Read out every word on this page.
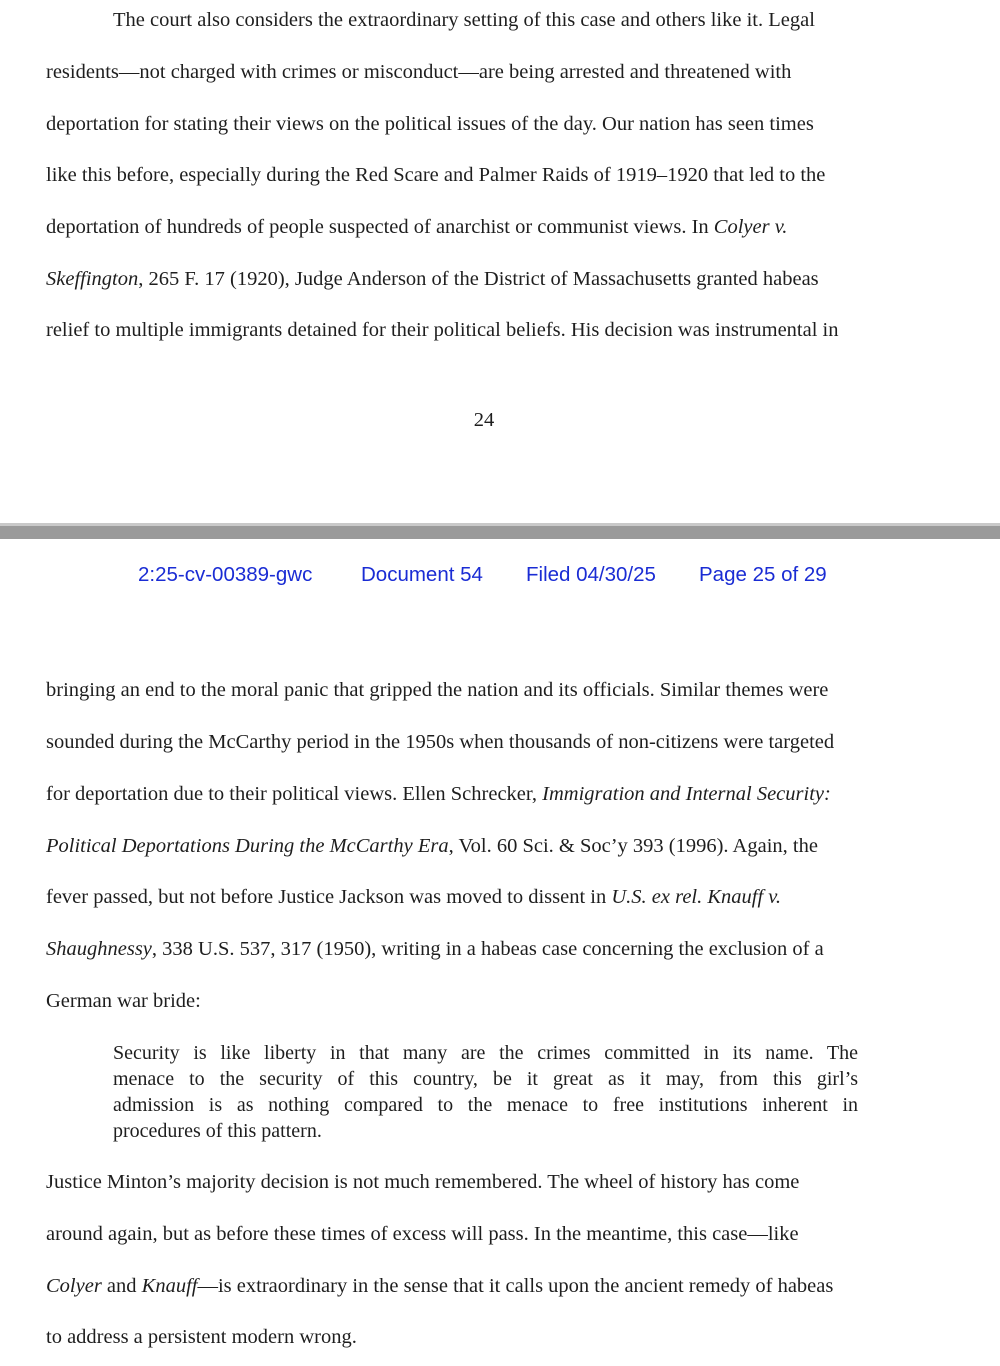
The court also considers the extraordinary setting of this case and others like it. Legal
residents—not charged with crimes or misconduct—are being arrested and threatened with
deportation for stating their views on the political issues of the day. Our nation has seen times
like this before, especially during the Red Scare and Palmer Raids of 1919–1920 that led to the
deportation of hundreds of people suspected of anarchist or communist views. In Colyer v.
Skeffington, 265 F. 17 (1920), Judge Anderson of the District of Massachusetts granted habeas
relief to multiple immigrants detained for their political beliefs. His decision was instrumental in
24
2:25-cv-00389-gwc Document 54 Filed 04/30/25 Page 25 of 29
bringing an end to the moral panic that gripped the nation and its officials. Similar themes were
sounded during the McCarthy period in the 1950s when thousands of non-citizens were targeted
for deportation due to their political views. Ellen Schrecker, Immigration and Internal Security:
Political Deportations During the McCarthy Era, Vol. 60 Sci. & Soc’y 393 (1996). Again, the
fever passed, but not before Justice Jackson was moved to dissent in U.S. ex rel. Knauff v.
Shaughnessy, 338 U.S. 537, 317 (1950), writing in a habeas case concerning the exclusion of a
German war bride:
Security is like liberty in that many are the crimes committed in its name. The
menace to the security of this country, be it great as it may, from this girl’s
admission is as nothing compared to the menace to free institutions inherent in
procedures of this pattern.
Justice Minton’s majority decision is not much remembered. The wheel of history has come
around again, but as before these times of excess will pass. In the meantime, this case—like
Colyer and Knauff—is extraordinary in the sense that it calls upon the ancient remedy of habeas
to address a persistent modern wrong.
